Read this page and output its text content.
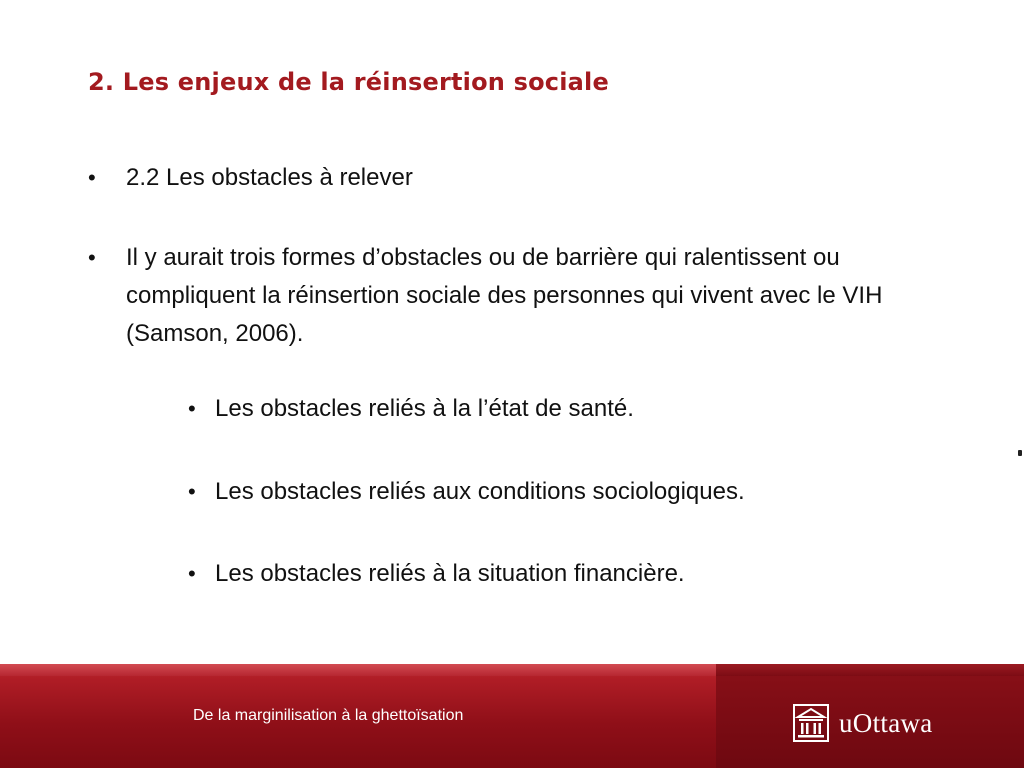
2. Les enjeux de la réinsertion sociale
•	2.2 Les obstacles à relever
•	Il y aurait trois formes d’obstacles ou de barrière qui ralentissent ou compliquent la réinsertion sociale des personnes qui vivent avec le VIH (Samson, 2006).
• Les obstacles reliés à la l’état de santé.
• Les obstacles reliés aux conditions sociologiques.
• Les obstacles reliés à la situation financière.
De la marginilisation à la ghettoïsation	uOttawa
